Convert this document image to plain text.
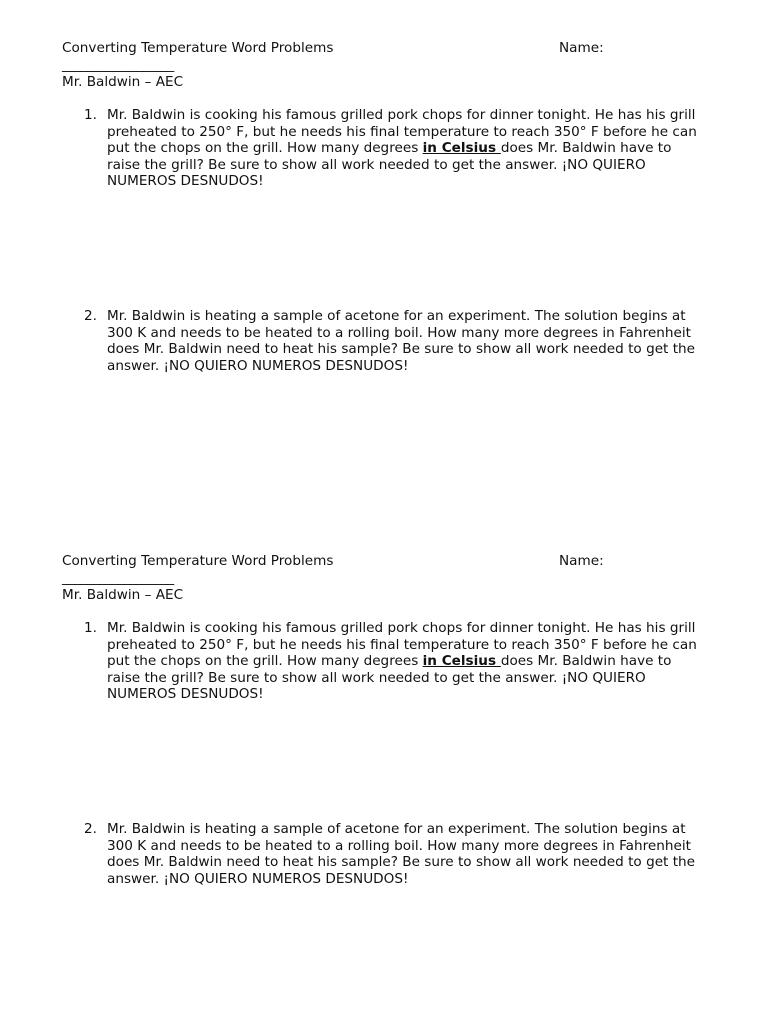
Converting Temperature Word Problems	Name:
__________________
Mr. Baldwin – AEC
1. Mr. Baldwin is cooking his famous grilled pork chops for dinner tonight. He has his grill preheated to 250° F, but he needs his final temperature to reach 350° F before he can put the chops on the grill. How many degrees in Celsius does Mr. Baldwin have to raise the grill? Be sure to show all work needed to get the answer. ¡NO QUIERO NUMEROS DESNUDOS!
2. Mr. Baldwin is heating a sample of acetone for an experiment. The solution begins at 300 K and needs to be heated to a rolling boil. How many more degrees in Fahrenheit does Mr. Baldwin need to heat his sample? Be sure to show all work needed to get the answer. ¡NO QUIERO NUMEROS DESNUDOS!
Converting Temperature Word Problems	Name:
__________________
Mr. Baldwin – AEC
1. Mr. Baldwin is cooking his famous grilled pork chops for dinner tonight. He has his grill preheated to 250° F, but he needs his final temperature to reach 350° F before he can put the chops on the grill. How many degrees in Celsius does Mr. Baldwin have to raise the grill? Be sure to show all work needed to get the answer. ¡NO QUIERO NUMEROS DESNUDOS!
2. Mr. Baldwin is heating a sample of acetone for an experiment. The solution begins at 300 K and needs to be heated to a rolling boil. How many more degrees in Fahrenheit does Mr. Baldwin need to heat his sample? Be sure to show all work needed to get the answer. ¡NO QUIERO NUMEROS DESNUDOS!
